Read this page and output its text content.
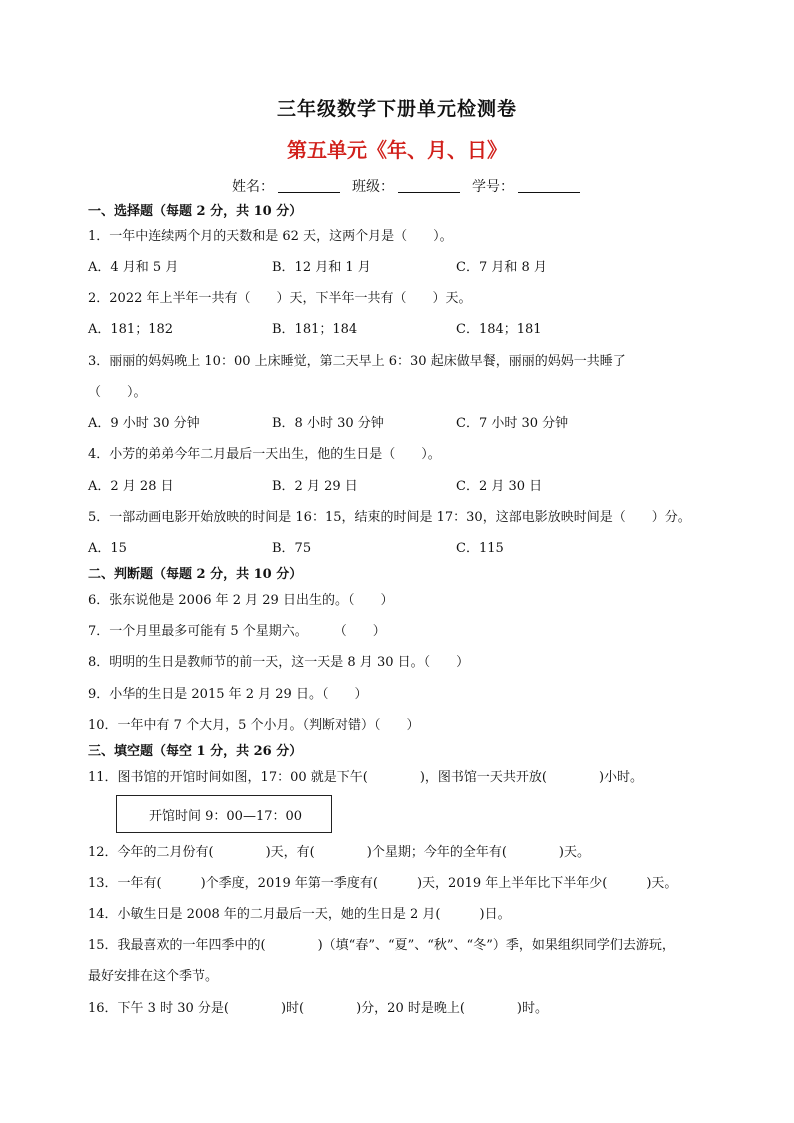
三年级数学下册单元检测卷
第五单元《年、月、日》
姓名：	班级：	学号：
一、选择题（每题 2 分，共 10 分）
1．一年中连续两个月的天数和是 62 天，这两个月是（　　）。
A．4 月和 5 月	B．12 月和 1 月	C．7 月和 8 月
2．2022 年上半年一共有（　　）天，下半年一共有（　　）天。
A．181；182	B．181；184	C．184；181
3．丽丽的妈妈晚上 10：00 上床睡觉，第二天早上 6：30 起床做早餐，丽丽的妈妈一共睡了
（　　）。
A．9 小时 30 分钟	B．8 小时 30 分钟	C．7 小时 30 分钟
4．小芳的弟弟今年二月最后一天出生，他的生日是（　　）。
A．2 月 28 日	B．2 月 29 日	C．2 月 30 日
5．一部动画电影开始放映的时间是 16：15，结束的时间是 17：30，这部电影放映时间是（　　）分。
A．15	B．75	C．115
二、判断题（每题 2 分，共 10 分）
6．张东说他是 2006 年 2 月 29 日出生的。（　　）
7．一个月里最多可能有 5 个星期六。　　　（　　）
8．明明的生日是教师节的前一天，这一天是 8 月 30 日。（　　）
9．小华的生日是 2015 年 2 月 29 日。（　　）
10．一年中有 7 个大月，5 个小月。（判断对错）（　　）
三、填空题（每空 1 分，共 26 分）
11．图书馆的开馆时间如图，17：00 就是下午(　　　　)，图书馆一天共开放(　　　　)小时。
开馆时间 9：00—17：00
12．今年的二月份有(　　　　)天，有(　　　　)个星期；今年的全年有(　　　　)天。
13．一年有(　　　)个季度，2019 年第一季度有(　　　)天，2019 年上半年比下半年少(　　　)天。
14．小敏生日是 2008 年的二月最后一天，她的生日是 2 月(　　　)日。
15．我最喜欢的一年四季中的(　　　　)（填“春”、“夏”、“秋”、“冬”）季，如果组织同学们去游玩，
最好安排在这个季节。
16．下午 3 时 30 分是(　　　　)时(　　　　)分，20 时是晚上(　　　　)时。
